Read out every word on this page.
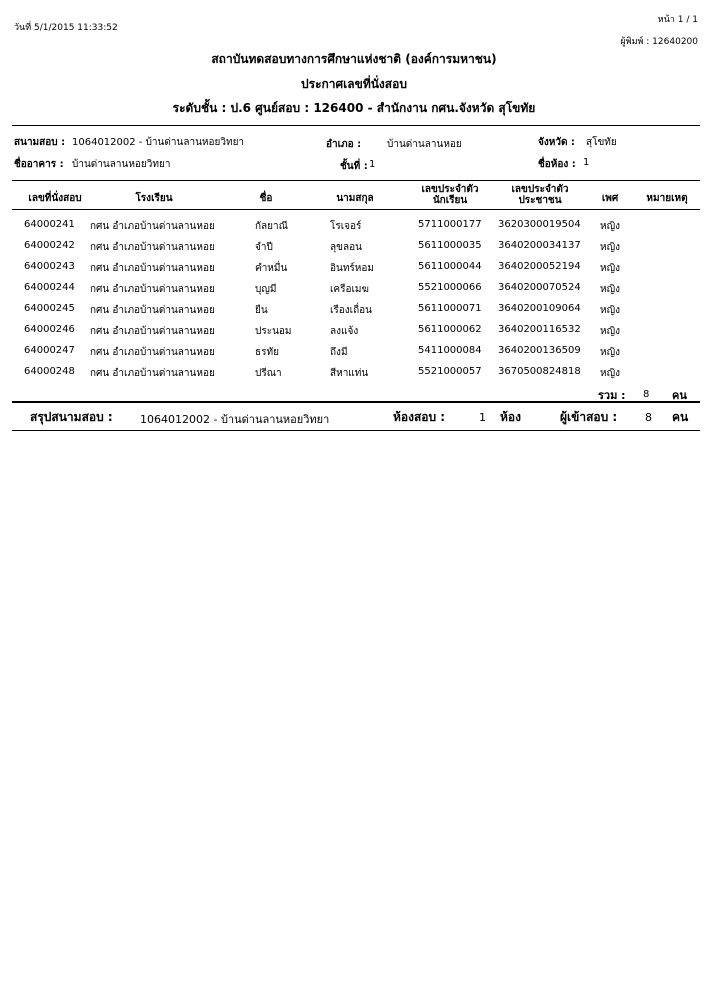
วันที่ 5/1/2015 11:33:52
หน้า 1 / 1
ผู้พิมพ์ : 12640200
สถาบันทดสอบทางการศึกษาแห่งชาติ (องค์การมหาชน)
ประกาศเลขที่นั่งสอบ
ระดับชั้น : ป.6 ศูนย์สอบ : 126400 - สำนักงาน กศน.จังหวัด สุโขทัย
สนามสอบ : 1064012002 - บ้านด่านลานหอยวิทยา	อำเภอ :	บ้านด่านลานหอย	จังหวัด : สุโขทัย
ชื่ออาคาร : บ้านด่านลานหอยวิทยา	ชั้นที่ : 1	ชื่อห้อง : 1
เลขที่นั่งสอบ	โรงเรียน	ชื่อ	นามสกุล
เลขประจำตัว
นักเรียน
เลขประจำตัว
ประชาชน	เพศ	หมายเหตุ
64000241 กศน อำเภอบ้านด่านลานหอย	กัลยาณี	โรเจอร์	5711000177 3620300019504 หญิง
64000242 กศน อำเภอบ้านด่านลานหอย	จำปี	ลุขลอน	5611000035 3640200034137 หญิง
64000243 กศน อำเภอบ้านด่านลานหอย	คำหมื่น	อินทร์หอม	5611000044 3640200052194 หญิง
64000244 กศน อำเภอบ้านด่านลานหอย	บุญมี	เครือเมฆ	5521000066 3640200070524 หญิง
64000245 กศน อำเภอบ้านด่านลานหอย	ยืน	เรืองเถื่อน	5611000071 3640200109064 หญิง
64000246 กศน อำเภอบ้านด่านลานหอย	ประนอม	ลงแจ้ง	5611000062 3640200116532 หญิง
64000247 กศน อำเภอบ้านด่านลานหอย	ธรทัย	ถึงมี	5411000084 3640200136509 หญิง
64000248 กศน อำเภอบ้านด่านลานหอย	ปรีณา	สีหาแท่น	5521000057 3670500824818 หญิง
รวม : 8 คน
สรุปสนามสอบ : 1064012002 - บ้านด่านลานหอยวิทยา	ห้องสอบ :	1 ห้อง	ผู้เข้าสอบ :	8 คน
